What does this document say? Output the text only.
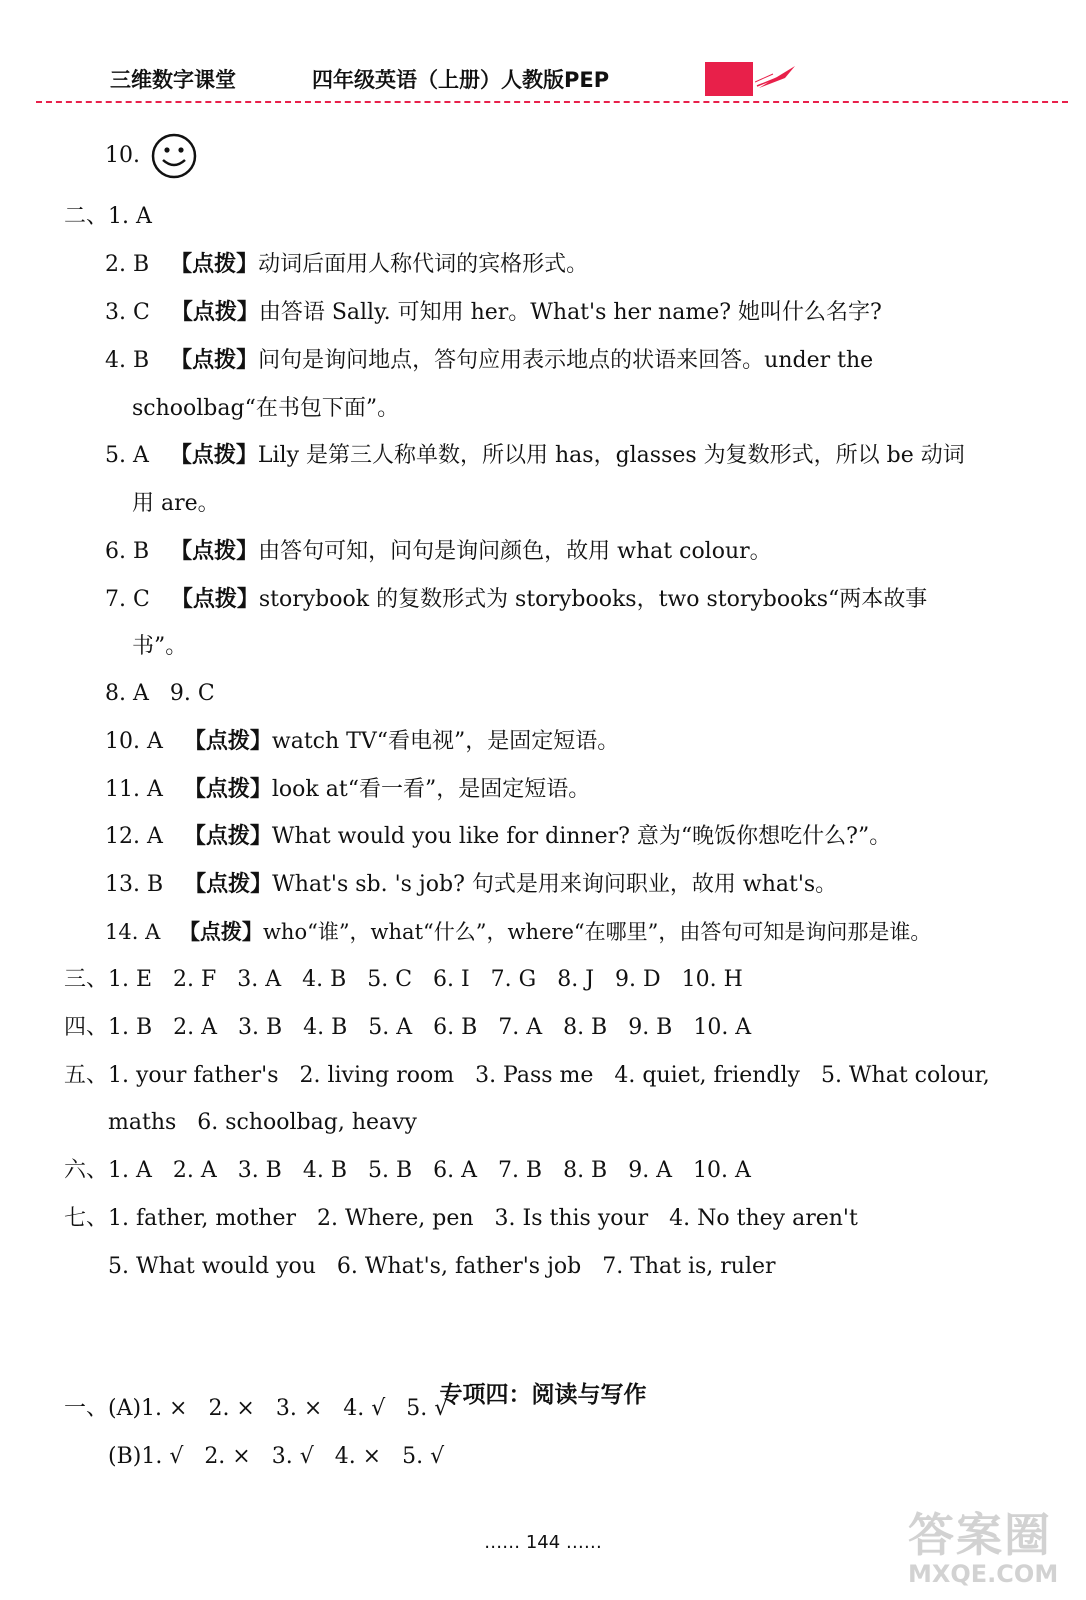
三维数字课堂	四年级英语（上册）人教版PEP
10.
二、1. A
2. B 【点拨】动词后面用人称代词的宾格形式。
3. C 【点拨】由答语 Sally. 可知用 her。What's her name? 她叫什么名字?
4. B 【点拨】问句是询问地点，答句应用表示地点的状语来回答。under the
schoolbag“在书包下面”。
5. A 【点拨】Lily 是第三人称单数，所以用 has，glasses 为复数形式，所以 be 动词
用 are。
6. B 【点拨】由答句可知，问句是询问颜色，故用 what colour。
7. C 【点拨】storybook 的复数形式为 storybooks，two storybooks“两本故事
书”。
8. A   9. C
10. A 【点拨】watch TV“看电视”，是固定短语。
11. A 【点拨】look at“看一看”，是固定短语。
12. A 【点拨】What would you like for dinner? 意为“晚饭你想吃什么?”。
13. B 【点拨】What's sb. 's job? 句式是用来询问职业，故用 what's。
14. A 【点拨】who“谁”，what“什么”，where“在哪里”，由答句可知是询问那是谁。
三、1. E   2. F   3. A   4. B   5. C   6. I   7. G   8. J   9. D   10. H
四、1. B   2. A   3. B   4. B   5. A   6. B   7. A   8. B   9. B   10. A
五、1. your father's   2. living room   3. Pass me   4. quiet, friendly   5. What colour,
maths   6. schoolbag, heavy
六、1. A   2. A   3. B   4. B   5. B   6. A   7. B   8. B   9. A   10. A
七、1. father, mother   2. Where, pen   3. Is this your   4. No they aren't
5. What would you   6. What's, father's job   7. That is, ruler
专项四：阅读与写作
一、(A)1. ×   2. ×   3. ×   4. √   5. √
(B)1. √   2. ×   3. √   4. ×   5. √
…… 144 ……	答案圈
MXQE.COM
